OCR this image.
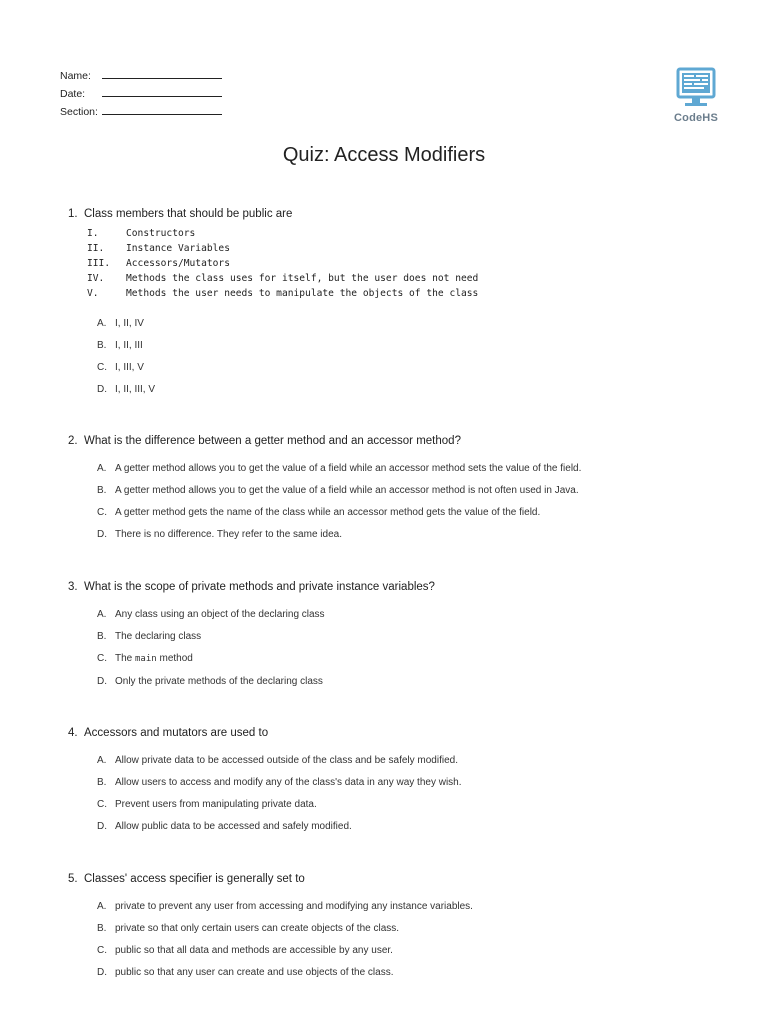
Name:
Date:
Section:	CodeHS
Quiz: Access Modifiers
1. Class members that should be public are
I.	Constructors
II.	Instance Variables
III.	Accessors/Mutators
IV.	Methods the class uses for itself, but the user does not need
V.	Methods the user needs to manipulate the objects of the class
A. I, II, IV
B. I, II, III
C. I, III, V
D. I, II, III, V
2. What is the difference between a getter method and an accessor method?
A. A getter method allows you to get the value of a field while an accessor method sets the value of the field.
B. A getter method allows you to get the value of a field while an accessor method is not often used in Java.
C. A getter method gets the name of the class while an accessor method gets the value of the field.
D. There is no difference. They refer to the same idea.
3. What is the scope of private methods and private instance variables?
A. Any class using an object of the declaring class
B. The declaring class
C. The main method
D. Only the private methods of the declaring class
4. Accessors and mutators are used to
A. Allow private data to be accessed outside of the class and be safely modified.
B. Allow users to access and modify any of the class's data in any way they wish.
C. Prevent users from manipulating private data.
D. Allow public data to be accessed and safely modified.
5. Classes' access specifier is generally set to
A. private to prevent any user from accessing and modifying any instance variables.
B. private so that only certain users can create objects of the class.
C. public so that all data and methods are accessible by any user.
D. public so that any user can create and use objects of the class.
